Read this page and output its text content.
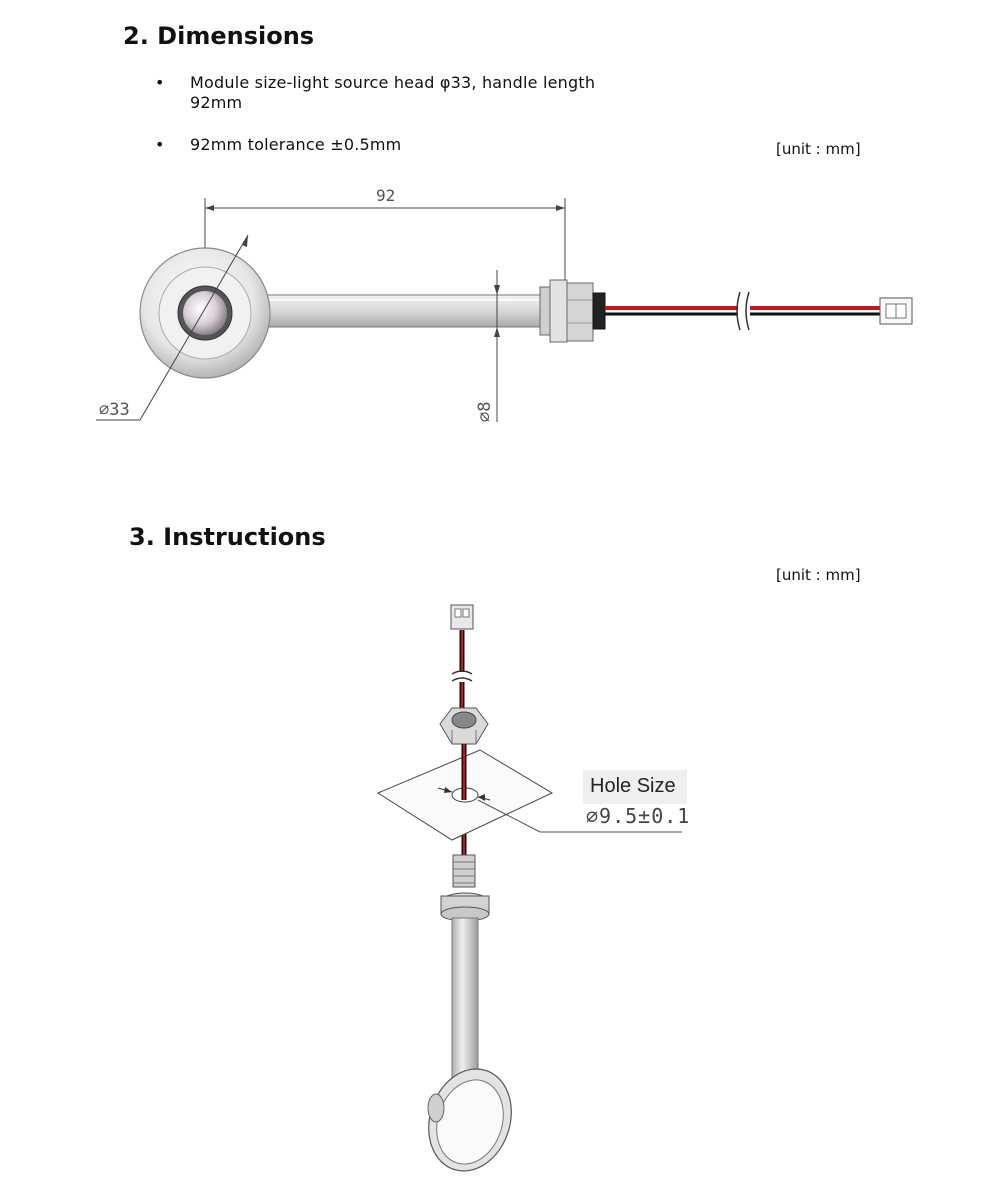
2. Dimensions
• Module size-light source head φ33, handle length 92mm
• 92mm tolerance ±0.5mm	[unit : mm]
92
∅33	∅8
3. Instructions
[unit : mm]
Hole Size
∅9.5±0.1
